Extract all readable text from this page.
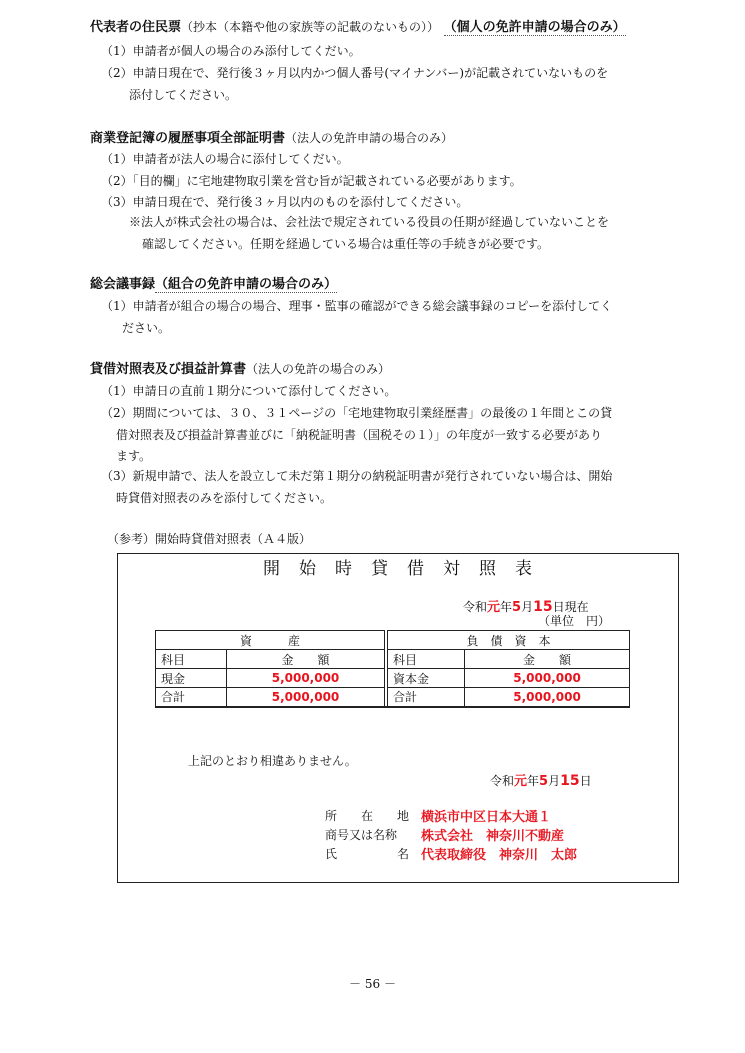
代表者の住民票（抄本（本籍や他の家族等の記載のないもの）） （個人の免許申請の場合のみ）
（1）申請者が個人の場合のみ添付してくだい。
（2）申請日現在で、発行後３ヶ月以内かつ個人番号(マイナンバー)が記載されていないものを
添付してください。
商業登記簿の履歴事項全部証明書（法人の免許申請の場合のみ）
（1）申請者が法人の場合に添付してくだい。
（2）「目的欄」に宅地建物取引業を営む旨が記載されている必要があります。
（3）申請日現在で、発行後３ヶ月以内のものを添付してください。
※法人が株式会社の場合は、会社法で規定されている役員の任期が経過していないことを
確認してください。任期を経過している場合は重任等の手続きが必要です。
総会議事録（組合の免許申請の場合のみ）
（1）申請者が組合の場合の場合、理事・監事の確認ができる総会議事録のコピーを添付してく
ださい。
貸借対照表及び損益計算書（法人の免許の場合のみ）
（1）申請日の直前１期分について添付してください。
（2）期間については、３０、３１ページの「宅地建物取引業経歴書」の最後の１年間とこの貸
借対照表及び損益計算書並びに「納税証明書（国税その１）」の年度が一致する必要があり
ます。
（3）新規申請で、法人を設立して未だ第１期分の納税証明書が発行されていない場合は、開始
時貸借対照表のみを添付してください。
（参考）開始時貸借対照表（Ａ４版）
開　始　時　貸　借　対　照　表
令和元年5月15日現在
（単位　円）
資　　　産			負　債　資　本	
科目	金　　額		科目	金　　額
現金	5,000,000		資本金	5,000,000
合計	5,000,000		合計	5,000,000
上記のとおり相違ありません。
令和元年5月15日
所　　在　　地 横浜市中区日本大通１
商号又は名称 株式会社　神奈川不動産
氏　　　　　名 代表取締役　神奈川　太郎
－ 56 －
